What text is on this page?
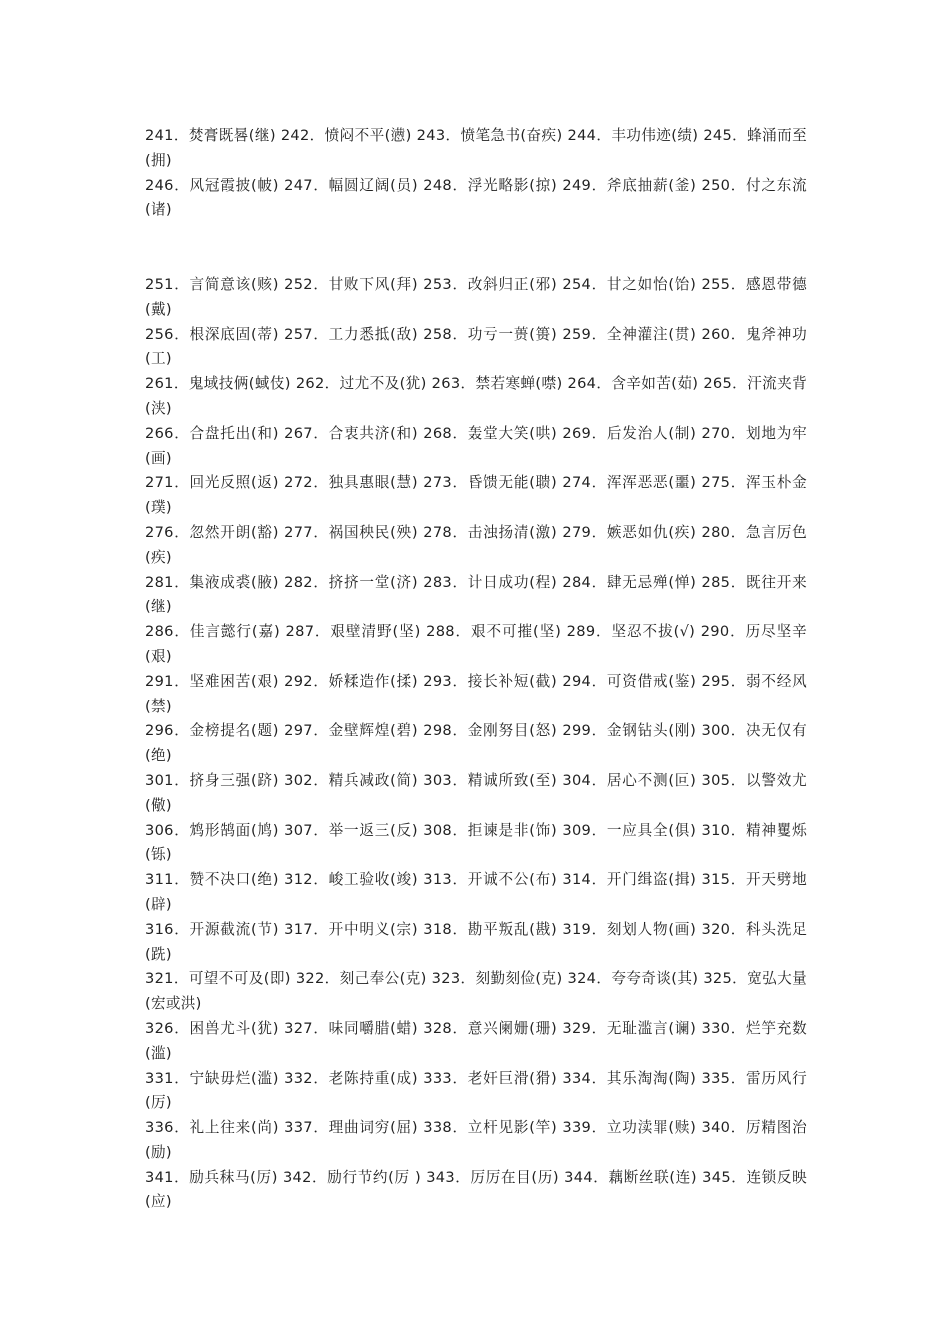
241．焚膏既晷(继) 242．愤闷不平(懑) 243．愤笔急书(奋疾) 244．丰功伟迹(绩) 245．蜂涌而至(拥)

246．风冠霞披(帔) 247．幅圆辽阔(员) 248．浮光略影(掠) 249．斧底抽薪(釜) 250．付之东流(诸)

251．言简意该(赅) 252．甘败下风(拜) 253．改斜归正(邪) 254．甘之如怡(饴) 255．感恩带德(戴)

256．根深底固(蒂) 257．工力悉抵(敌) 258．功亏一蒉(篑) 259．全神灌注(贯) 260．鬼斧神功(工)

261．鬼域技俩(蜮伎) 262．过尤不及(犹) 263．禁若寒蝉(噤) 264．含辛如苦(茹) 265．汗流夹背(浃)

266．合盘托出(和) 267．合衷共济(和) 268．轰堂大笑(哄) 269．后发治人(制) 270．划地为牢(画)

271．回光反照(返) 272．独具惠眼(慧) 273．昏馈无能(聩) 274．浑浑恶恶(噩) 275．浑玉朴金(璞)

276．忽然开朗(豁) 277．祸国秧民(殃) 278．击浊扬清(激) 279．嫉恶如仇(疾) 280．急言厉色(疾)

281．集液成裘(腋) 282．挤挤一堂(济) 283．计日成功(程) 284．肆无忌殚(惮) 285．既往开来(继)

286．佳言懿行(嘉) 287．艰壁清野(坚) 288．艰不可摧(坚) 289．坚忍不拔(√) 290．历尽坚辛(艰)

291．坚难困苦(艰) 292．娇糅造作(揉) 293．接长补短(截) 294．可资借戒(鉴) 295．弱不经风(禁)

296．金榜提名(题) 297．金壁辉煌(碧) 298．金刚努目(怒) 299．金钢钻头(刚) 300．决无仅有(绝)

301．挤身三强(跻) 302．精兵减政(简) 303．精诚所致(至) 304．居心不测(叵) 305．以警效尤(儆)

306．鸩形鹄面(鸠) 307．举一返三(反) 308．拒谏是非(饰) 309．一应具全(俱) 310．精神矍烁(铄)

311．赞不决口(绝) 312．峻工验收(竣) 313．开诚不公(布) 314．开门缉盗(揖) 315．开天劈地(辟)

316．开源截流(节) 317．开中明义(宗) 318．勘平叛乱(戡) 319．刻划人物(画) 320．科头洗足(跣)

321．可望不可及(即) 322．刻己奉公(克) 323．刻勤刻俭(克) 324．夸夸奇谈(其) 325．宽弘大量(宏或洪)

326．困兽尤斗(犹) 327．味同嚼腊(蜡) 328．意兴阑姗(珊) 329．无耻滥言(谰) 330．烂竽充数(滥)

331．宁缺毋烂(滥) 332．老陈持重(成) 333．老奸巨滑(猾) 334．其乐淘淘(陶) 335．雷历风行(厉)

336．礼上往来(尚) 337．理曲词穷(屈) 338．立杆见影(竿) 339．立功渎罪(赎) 340．厉精图治(励)

341．励兵秣马(厉) 342．励行节约(厉 ) 343．厉厉在目(历) 344．藕断丝联(连) 345．连锁反映(应)
